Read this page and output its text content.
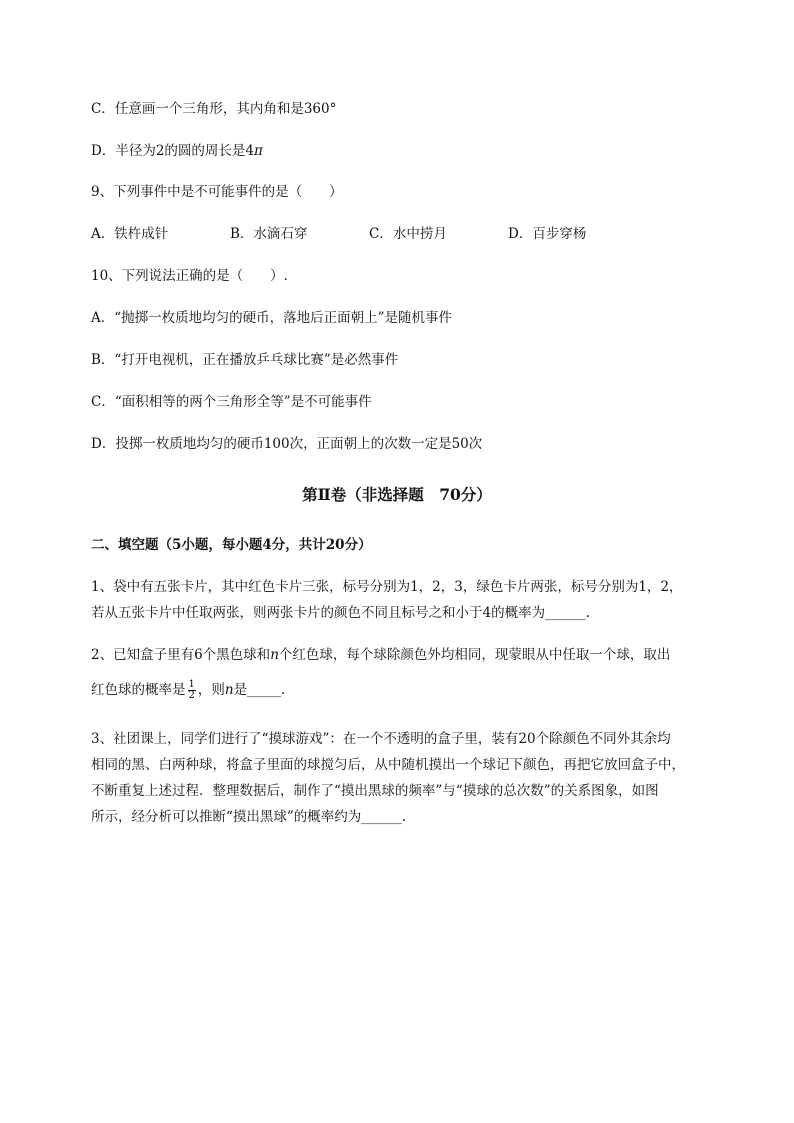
C．任意画一个三角形，其内角和是360°
D．半径为2的圆的周长是4π
9、下列事件中是不可能事件的是（　　）
A．铁杵成针	B．水滴石穿	C．水中捞月	D．百步穿杨
10、下列说法正确的是（　　）.
A．“抛掷一枚质地均匀的硬币，落地后正面朝上”是随机事件
B．“打开电视机，正在播放乒乓球比赛”是必然事件
C．“面积相等的两个三角形全等”是不可能事件
D．投掷一枚质地均匀的硬币100次，正面朝上的次数一定是50次
第Ⅱ卷（非选择题　70分）
二、填空题（5小题，每小题4分，共计20分）
1、袋中有五张卡片，其中红色卡片三张，标号分别为1，2，3，绿色卡片两张，标号分别为1，2，
若从五张卡片中任取两张，则两张卡片的颜色不同且标号之和小于4的概率为______.
2、已知盒子里有6个黑色球和n个红色球，每个球除颜色外均相同，现蒙眼从中任取一个球，取出
红色球的概率是 $\frac{1}{2}$ ，则n是_____.
3、社团课上，同学们进行了“摸球游戏”：在一个不透明的盒子里，装有20个除颜色不同外其余均
相同的黑、白两种球，将盒子里面的球搅匀后，从中随机摸出一个球记下颜色，再把它放回盒子中，
不断重复上述过程．整理数据后，制作了“摸出黑球的频率”与“摸球的总次数”的关系图象，如图
所示，经分析可以推断“摸出黑球”的概率约为______.
